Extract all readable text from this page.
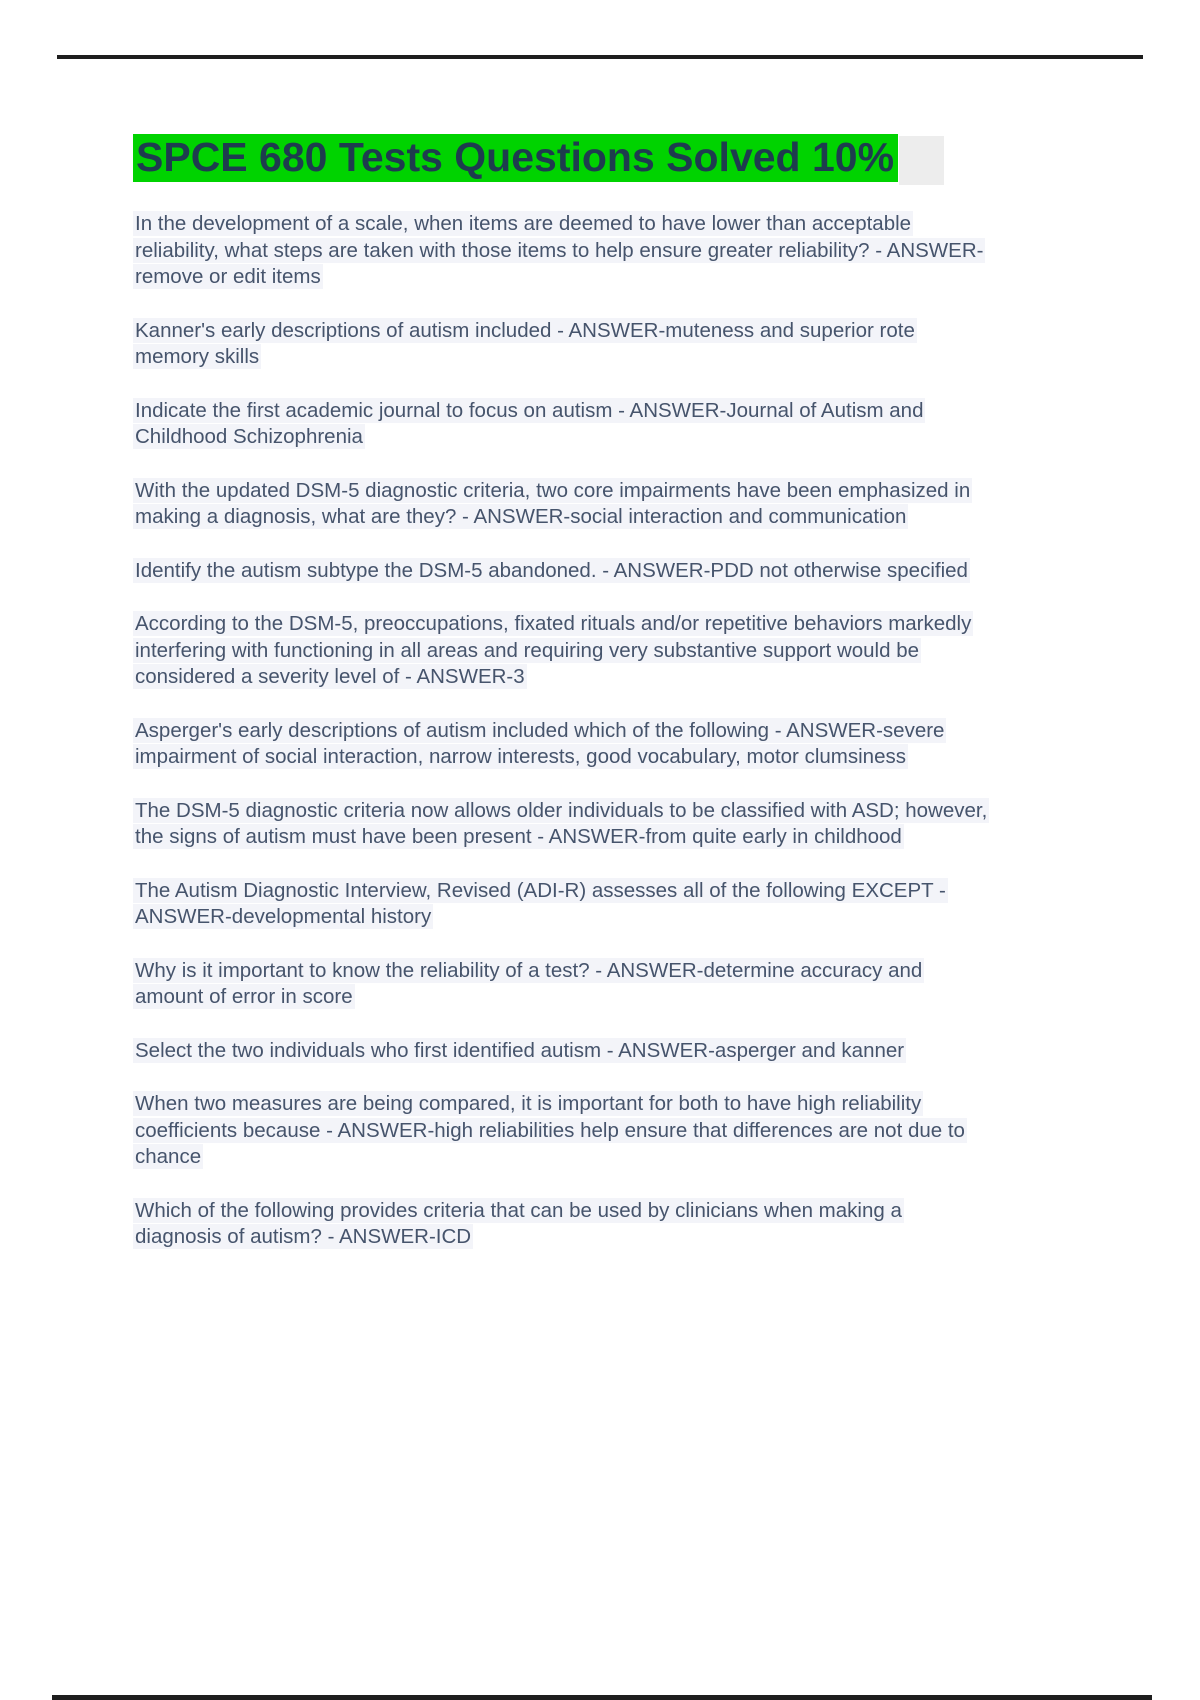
SPCE 680 Tests Questions Solved 10%

In the development of a scale, when items are deemed to have lower than acceptable reliability, what steps are taken with those items to help ensure greater reliability? - ANSWER-remove or edit items

Kanner's early descriptions of autism included - ANSWER-muteness and superior rote memory skills

Indicate the first academic journal to focus on autism - ANSWER-Journal of Autism and Childhood Schizophrenia

With the updated DSM-5 diagnostic criteria, two core impairments have been emphasized in making a diagnosis, what are they? - ANSWER-social interaction and communication

Identify the autism subtype the DSM-5 abandoned. - ANSWER-PDD not otherwise specified

According to the DSM-5, preoccupations, fixated rituals and/or repetitive behaviors markedly interfering with functioning in all areas and requiring very substantive support would be considered a severity level of - ANSWER-3

Asperger's early descriptions of autism included which of the following - ANSWER-severe impairment of social interaction, narrow interests, good vocabulary, motor clumsiness

The DSM-5 diagnostic criteria now allows older individuals to be classified with ASD; however, the signs of autism must have been present - ANSWER-from quite early in childhood

The Autism Diagnostic Interview, Revised (ADI-R) assesses all of the following EXCEPT - ANSWER-developmental history

Why is it important to know the reliability of a test? - ANSWER-determine accuracy and amount of error in score

Select the two individuals who first identified autism - ANSWER-asperger and kanner

When two measures are being compared, it is important for both to have high reliability coefficients because - ANSWER-high reliabilities help ensure that differences are not due to chance

Which of the following provides criteria that can be used by clinicians when making a diagnosis of autism? - ANSWER-ICD
